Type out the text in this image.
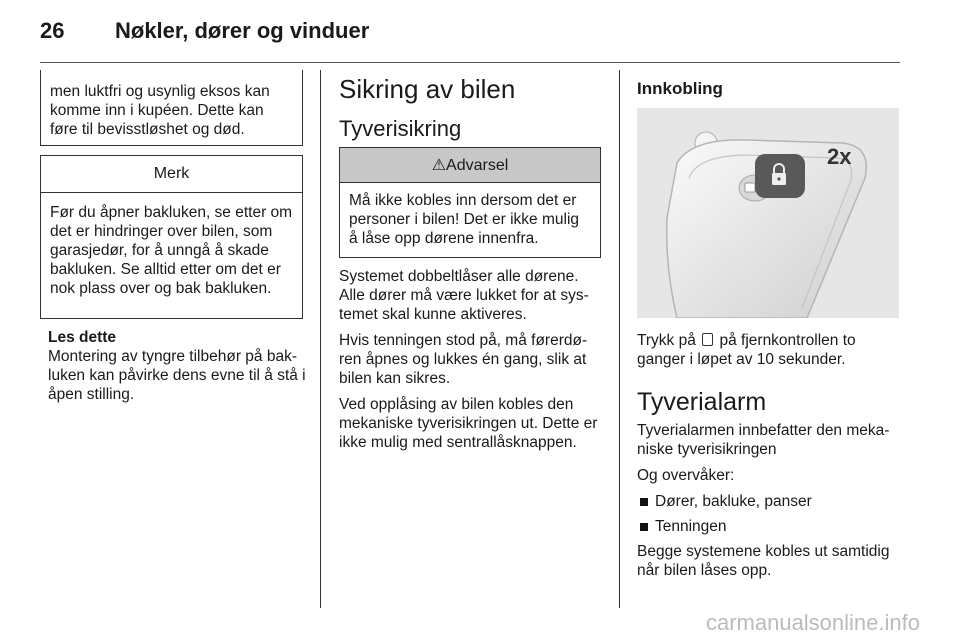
26 Nøkler, dører og vinduer
men luktfri og usynlig eksos kan komme inn i kupéen. Dette kan føre til bevisstløshet og død.
Merk
Før du åpner bakluken, se etter om det er hindringer over bilen, som garasjedør, for å unngå å skade bakluken. Se alltid etter om det er nok plass over og bak bakluken.

Les dette

Montering av tyngre tilbehør på bakluken kan påvirke dens evne til å stå i åpen stilling.

Sikring av bilen
Tyverisikring
⚠Advarsel
Må ikke kobles inn dersom det er personer i bilen! Det er ikke mulig å låse opp dørene innenfra.

Systemet dobbeltlåser alle dørene. Alle dører må være lukket for at systemet skal kunne aktiveres.

Hvis tenningen stod på, må førerdøren åpnes og lukkes én gang, slik at bilen kan sikres.

Ved opplåsing av bilen kobles den mekaniske tyverisikringen ut. Dette er ikke mulig med sentrallåsknappen.

Innkobling
2x

Trykk på på fjernkontrollen to ganger i løpet av 10 sekunder.

Tyverialarm

Tyverialarmen innbefatter den mekaniske tyverisikringen

Og overvåker:

Dører, bakluke, panser
Tenningen

Begge systemene kobles ut samtidig når bilen låses opp.

carmanualsonline.info
